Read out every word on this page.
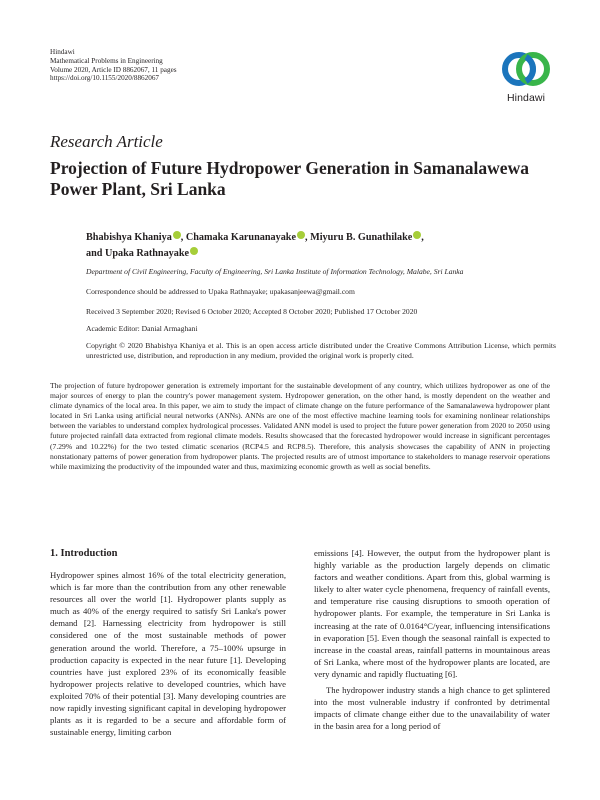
Hindawi
Mathematical Problems in Engineering
Volume 2020, Article ID 8862067, 11 pages
https://doi.org/10.1155/2020/8862067
Hindawi
Research Article
Projection of Future Hydropower Generation in Samanalawewa Power Plant, Sri Lanka
Bhabishya Khaniya , Chamaka Karunanayake , Miyuru B. Gunathilake ,
and Upaka Rathnayake
Department of Civil Engineering, Faculty of Engineering, Sri Lanka Institute of Information Technology, Malabe, Sri Lanka
Correspondence should be addressed to Upaka Rathnayake; upakasanjeewa@gmail.com
Received 3 September 2020; Revised 6 October 2020; Accepted 8 October 2020; Published 17 October 2020
Academic Editor: Danial Armaghani
Copyright © 2020 Bhabishya Khaniya et al. This is an open access article distributed under the Creative Commons Attribution License, which permits unrestricted use, distribution, and reproduction in any medium, provided the original work is properly cited.
The projection of future hydropower generation is extremely important for the sustainable development of any country, which utilizes hydropower as one of the major sources of energy to plan the country's power management system. Hydropower generation, on the other hand, is mostly dependent on the weather and climate dynamics of the local area. In this paper, we aim to study the impact of climate change on the future performance of the Samanalawewa hydropower plant located in Sri Lanka using artificial neural networks (ANNs). ANNs are one of the most effective machine learning tools for examining nonlinear relationships between the variables to understand complex hydrological processes. Validated ANN model is used to project the future power generation from 2020 to 2050 using future projected rainfall data extracted from regional climate models. Results showcased that the forecasted hydropower would increase in significant percentages (7.29% and 10.22%) for the two tested climatic scenarios (RCP4.5 and RCP8.5). Therefore, this analysis showcases the capability of ANN in projecting nonstationary patterns of power generation from hydropower plants. The projected results are of utmost importance to stakeholders to manage reservoir operations while maximizing the productivity of the impounded water and thus, maximizing economic growth as well as social benefits.
1. Introduction

Hydropower spines almost 16% of the total electricity generation, which is far more than the contribution from any other renewable resources all over the world [1]. Hydropower plants supply as much as 40% of the energy required to satisfy Sri Lanka's power demand [2]. Harnessing electricity from hydropower is still considered one of the most sustainable methods of power generation around the world. Therefore, a 75–100% upsurge in production capacity is expected in the near future [1]. Developing countries have just explored 23% of its economically feasible hydropower projects relative to developed countries, which have exploited 70% of their potential [3]. Many developing countries are now rapidly investing significant capital in developing hydropower plants as it is regarded to be a secure and affordable form of sustainable energy, limiting carbon

emissions [4]. However, the output from the hydropower plant is highly variable as the production largely depends on climatic factors and weather conditions. Apart from this, global warming is likely to alter water cycle phenomena, frequency of rainfall events, and temperature rise causing disruptions to smooth operation of hydropower plants. For example, the temperature in Sri Lanka is increasing at the rate of 0.0164°C/year, influencing intensifications in evaporation [5]. Even though the seasonal rainfall is expected to increase in the coastal areas, rainfall patterns in mountainous areas of Sri Lanka, where most of the hydropower plants are located, are very dynamic and rapidly fluctuating [6].

The hydropower industry stands a high chance to get splintered into the most vulnerable industry if confronted by detrimental impacts of climate change either due to the unavailability of water in the basin area for a long period of
